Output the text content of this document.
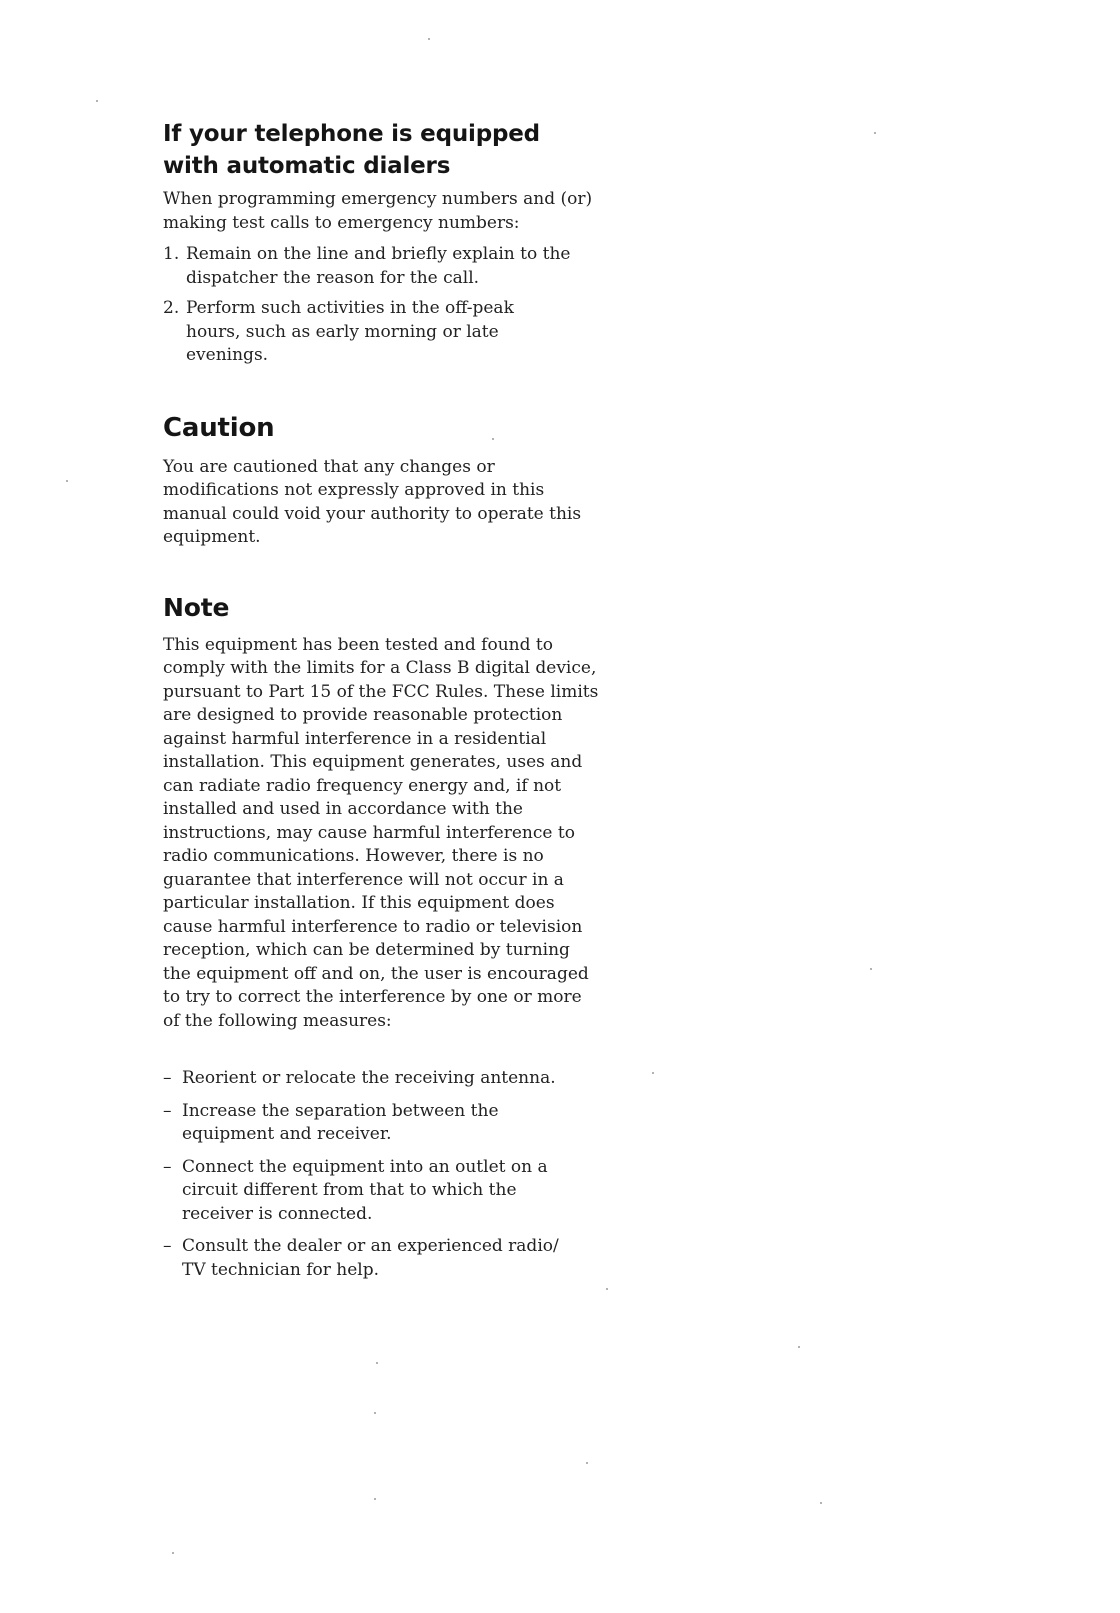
If your telephone is equipped with automatic dialers

When programming emergency numbers and (or) making test calls to emergency numbers:

1. Remain on the line and briefly explain to the dispatcher the reason for the call.
2. Perform such activities in the off-peak hours, such as early morning or late evenings.
Caution

You are cautioned that any changes or modifications not expressly approved in this manual could void your authority to operate this equipment.

Note

This equipment has been tested and found to comply with the limits for a Class B digital device, pursuant to Part 15 of the FCC Rules. These limits are designed to provide reasonable protection against harmful interference in a residential installation. This equipment generates, uses and can radiate radio frequency energy and, if not installed and used in accordance with the instructions, may cause harmful interference to radio communications. However, there is no guarantee that interference will not occur in a particular installation. If this equipment does cause harmful interference to radio or television reception, which can be determined by turning the equipment off and on, the user is encouraged to try to correct the interference by one or more of the following measures:

– Reorient or relocate the receiving antenna.
– Increase the separation between the equipment and receiver.
– Connect the equipment into an outlet on a circuit different from that to which the receiver is connected.
– Consult the dealer or an experienced radio/ TV technician for help.
